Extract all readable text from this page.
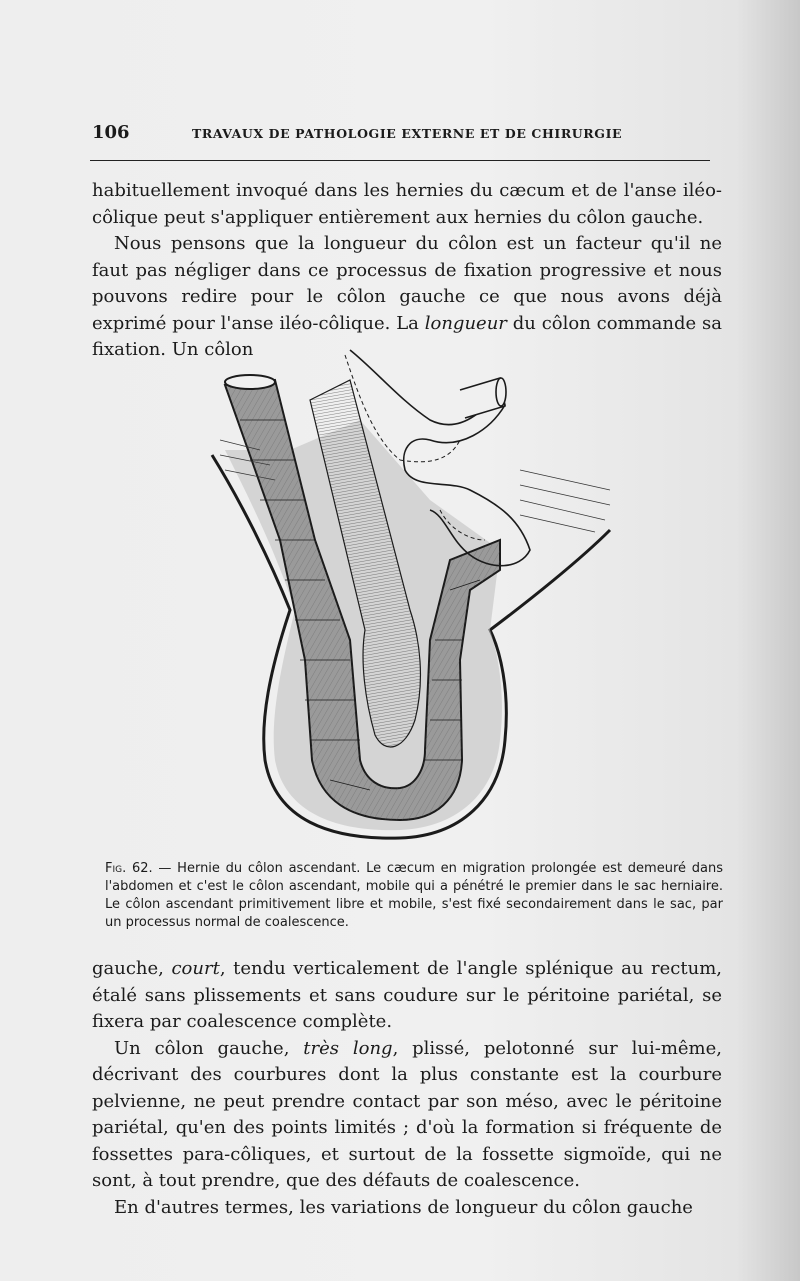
106	TRAVAUX DE PATHOLOGIE EXTERNE ET DE CHIRURGIE

habituellement invoqué dans les hernies du cæcum et de l'anse iléo-côlique peut s'appliquer entièrement aux hernies du côlon gauche.

Nous pensons que la longueur du côlon est un facteur qu'il ne faut pas négliger dans ce processus de fixation progressive et nous pouvons redire pour le côlon gauche ce que nous avons déjà exprimé pour l'anse iléo-côlique. La longueur du côlon commande sa fixation. Un côlon

Fig. 62. — Hernie du côlon ascendant. Le cæcum en migration prolongée est demeuré dans l'abdomen et c'est le côlon ascendant, mobile qui a pénétré le premier dans le sac herniaire. Le côlon ascendant primitivement libre et mobile, s'est fixé secondairement dans le sac, par un processus normal de coalescence.

gauche, court, tendu verticalement de l'angle splénique au rectum, étalé sans plissements et sans coudure sur le péritoine pariétal, se fixera par coalescence complète.

Un côlon gauche, très long, plissé, pelotonné sur lui-même, décrivant des courbures dont la plus constante est la courbure pelvienne, ne peut prendre contact par son méso, avec le péritoine pariétal, qu'en des points limités ; d'où la formation si fréquente de fossettes para-côliques, et surtout de la fossette sigmoïde, qui ne sont, à tout prendre, que des défauts de coalescence.

En d'autres termes, les variations de longueur du côlon gauche
